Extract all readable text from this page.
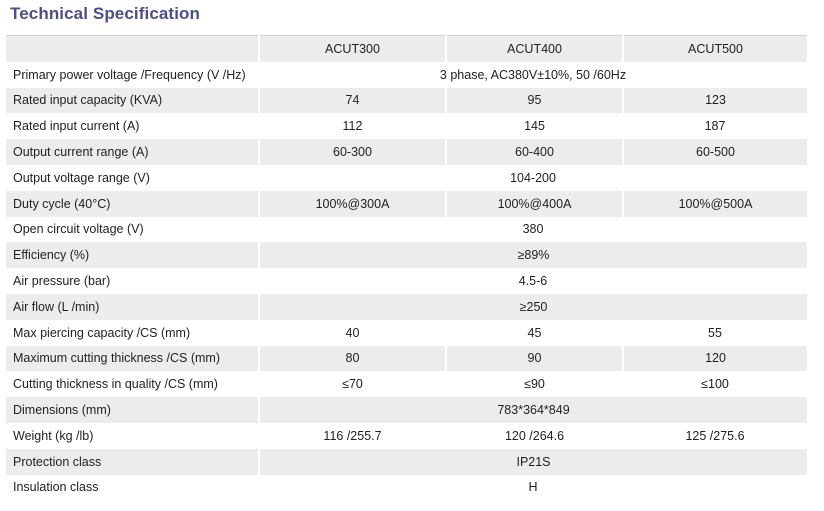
Technical Specification
	ACUT300	ACUT400	ACUT500
Primary power voltage /Frequency (V /Hz)	3 phase, AC380V±10%, 50 /60Hz		
Rated input capacity (KVA)	74	95	123
Rated input current (A)	112	145	187
Output current range (A)	60-300	60-400	60-500
Output voltage range (V)	104-200		
Duty cycle (40°C)	100%@300A	100%@400A	100%@500A
Open circuit voltage (V)	380		
Efficiency (%)	≥89%		
Air pressure (bar)	4.5-6		
Air flow (L /min)	≥250		
Max piercing capacity /CS (mm)	40	45	55
Maximum cutting thickness /CS (mm)	80	90	120
Cutting thickness in quality /CS (mm)	≤70	≤90	≤100
Dimensions (mm)	783*364*849		
Weight (kg /lb)	116 /255.7	120 /264.6	125 /275.6
Protection class	IP21S		
Insulation class	H		
